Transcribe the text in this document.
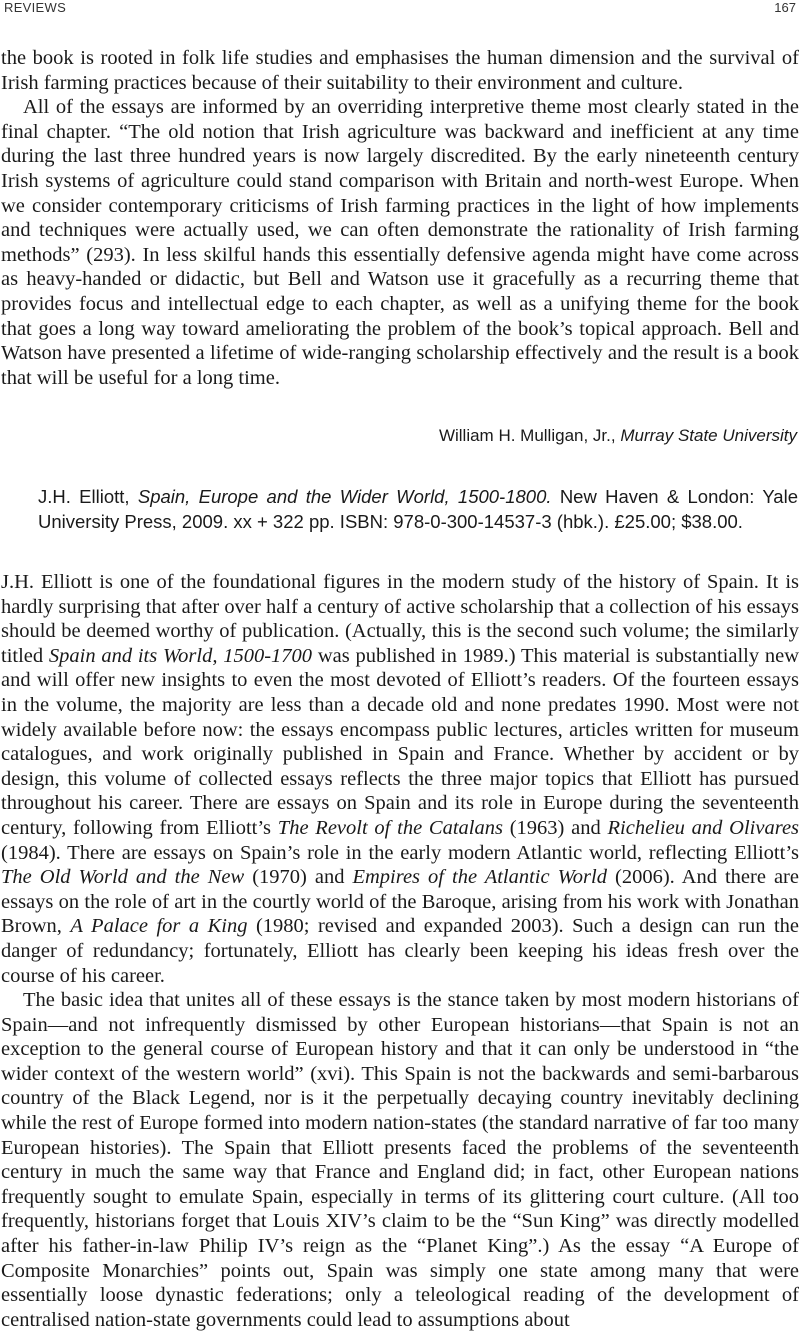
REVIEWS	167

the book is rooted in folk life studies and emphasises the human dimension and the survival of Irish farming practices because of their suitability to their environment and culture.

All of the essays are informed by an overriding interpretive theme most clearly stated in the final chapter. “The old notion that Irish agriculture was backward and inefficient at any time during the last three hundred years is now largely discredited. By the early nineteenth century Irish systems of agriculture could stand comparison with Britain and north-west Europe. When we consider contemporary criticisms of Irish farming practices in the light of how implements and techniques were actually used, we can often demonstrate the rationality of Irish farming methods” (293). In less skilful hands this essentially defensive agenda might have come across as heavy-handed or didactic, but Bell and Watson use it gracefully as a recurring theme that provides focus and intellectual edge to each chapter, as well as a unifying theme for the book that goes a long way toward ameliorating the problem of the book’s topical approach. Bell and Watson have presented a lifetime of wide-ranging scholarship effectively and the result is a book that will be useful for a long time.

William H. Mulligan, Jr., Murray State University
J.H. Elliott, Spain, Europe and the Wider World, 1500-1800. New Haven & London: Yale University Press, 2009. xx + 322 pp. ISBN: 978-0-300-14537-3 (hbk.). £25.00; $38.00.

J.H. Elliott is one of the foundational figures in the modern study of the history of Spain. It is hardly surprising that after over half a century of active scholarship that a collection of his essays should be deemed worthy of publication. (Actually, this is the second such volume; the similarly titled Spain and its World, 1500-1700 was published in 1989.) This material is substantially new and will offer new insights to even the most devoted of Elliott’s readers. Of the fourteen essays in the volume, the majority are less than a decade old and none predates 1990. Most were not widely available before now: the essays encompass public lectures, articles written for museum catalogues, and work originally published in Spain and France. Whether by accident or by design, this volume of collected essays reflects the three major topics that Elliott has pursued throughout his career. There are essays on Spain and its role in Europe during the seventeenth century, following from Elliott’s The Revolt of the Catalans (1963) and Richelieu and Olivares (1984). There are essays on Spain’s role in the early modern Atlantic world, reflecting Elliott’s The Old World and the New (1970) and Empires of the Atlantic World (2006). And there are essays on the role of art in the courtly world of the Baroque, arising from his work with Jonathan Brown, A Palace for a King (1980; revised and expanded 2003). Such a design can run the danger of redundancy; fortunately, Elliott has clearly been keeping his ideas fresh over the course of his career.

The basic idea that unites all of these essays is the stance taken by most modern historians of Spain—and not infrequently dismissed by other European historians—that Spain is not an exception to the general course of European history and that it can only be understood in “the wider context of the western world” (xvi). This Spain is not the backwards and semi-barbarous country of the Black Legend, nor is it the perpetually decaying country inevitably declining while the rest of Europe formed into modern nation-states (the standard narrative of far too many European histories). The Spain that Elliott presents faced the problems of the seventeenth century in much the same way that France and England did; in fact, other European nations frequently sought to emulate Spain, especially in terms of its glittering court culture. (All too frequently, historians forget that Louis XIV’s claim to be the “Sun King” was directly modelled after his father-in-law Philip IV’s reign as the “Planet King”.) As the essay “A Europe of Composite Monarchies” points out, Spain was simply one state among many that were essentially loose dynastic federations; only a teleological reading of the development of centralised nation-state governments could lead to assumptions about
